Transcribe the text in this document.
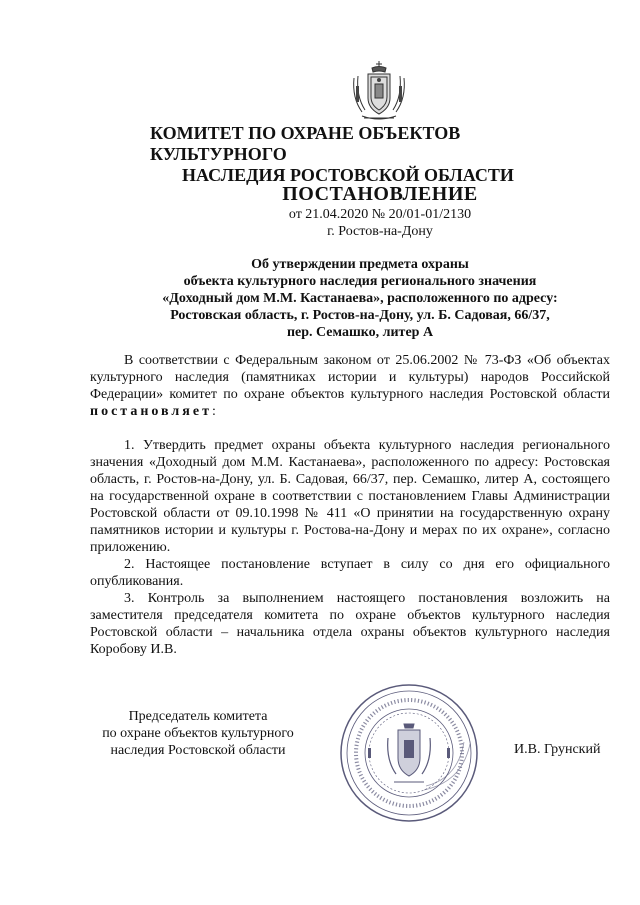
КОМИТЕТ ПО ОХРАНЕ ОБЪЕКТОВ КУЛЬТУРНОГО
НАСЛЕДИЯ РОСТОВСКОЙ ОБЛАСТИ
ПОСТАНОВЛЕНИЕ
от 21.04.2020 № 20/01-01/2130
г. Ростов-на-Дону
Об утверждении предмета охраны
объекта культурного наследия регионального значения
«Доходный дом М.М. Кастанаева», расположенного по адресу:
Ростовская область, г. Ростов-на-Дону, ул. Б. Садовая, 66/37,
пер. Семашко, литер А

В соответствии с Федеральным законом от 25.06.2002 № 73-ФЗ «Об объектах культурного наследия (памятниках истории и культуры) народов Российской Федерации» комитет по охране объектов культурного наследия Ростовской области постановляет:

1. Утвердить предмет охраны объекта культурного наследия регионального значения «Доходный дом М.М. Кастанаева», расположенного по адресу: Ростовская область, г. Ростов-на-Дону, ул. Б. Садовая, 66/37, пер. Семашко, литер А, состоящего на государственной охране в соответствии с постановлением Главы Администрации Ростовской области от 09.10.1998 № 411 «О принятии на государственную охрану памятников истории и культуры г. Ростова-на-Дону и мерах по их охране», согласно приложению.

2. Настоящее постановление вступает в силу со дня его официального опубликования.

3. Контроль за выполнением настоящего постановления возложить на заместителя председателя комитета по охране объектов культурного наследия Ростовской области – начальника отдела охраны объектов культурного наследия Коробову И.В.

Председатель комитета
по охране объектов культурного
наследия Ростовской области	И.В. Грунский
